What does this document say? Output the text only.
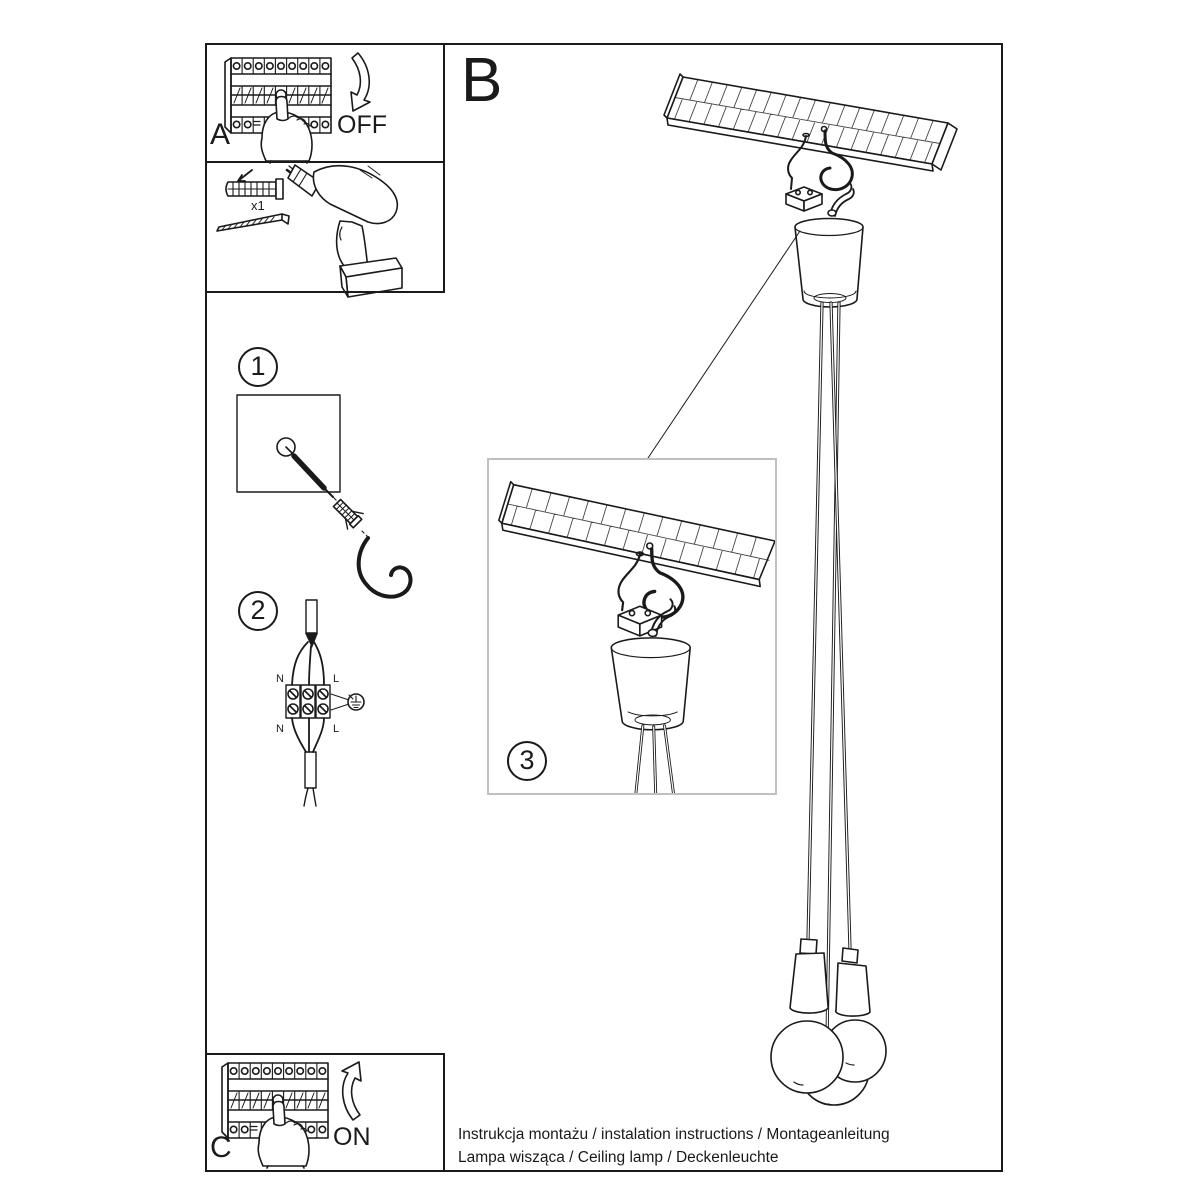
N	L
N	L
3
A	OFF
x1
1
2
B
C	ON	Instrukcja montażu / instalation instructions / Montageanleitung
Lampa wisząca / Ceiling lamp / Deckenleuchte
